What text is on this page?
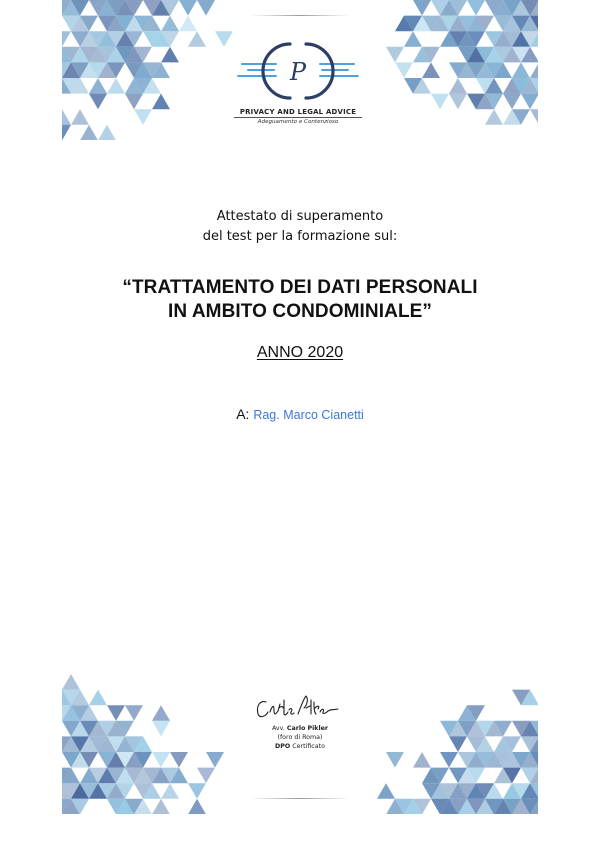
P
PRIVACY AND LEGAL ADVICE
Adeguamento e Contenzioso
Attestato di superamento
del test per la formazione sul:
“TRATTAMENTO DEI DATI PERSONALI
IN AMBITO CONDOMINIALE”
ANNO 2020
A: Rag. Marco Cianetti
Avv. Carlo Pikler
(foro di Roma)
DPO Certificato
